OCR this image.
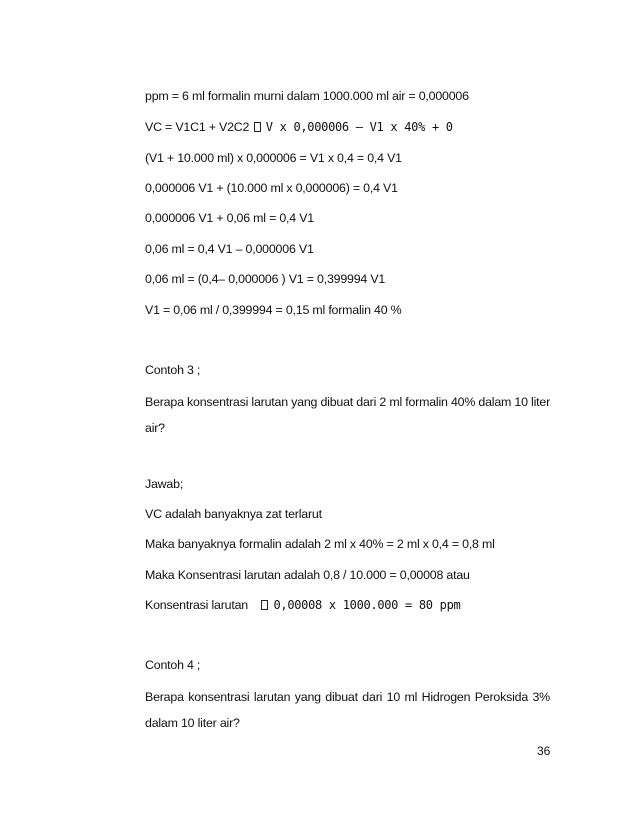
ppm = 6 ml formalin murni dalam 1000.000 ml air = 0,000006
VC = V1C1 + V2C2 V x 0,000006 – V1 x 40% + 0
(V1 + 10.000 ml) x 0,000006 = V1 x 0,4 = 0,4 V1
0,000006 V1 + (10.000 ml x 0,000006) = 0,4 V1
0,000006 V1 + 0,06 ml = 0,4 V1
0,06 ml = 0,4 V1 – 0,000006 V1
0,06 ml = (0,4– 0,000006 ) V1 = 0,399994 V1
V1 = 0,06 ml / 0,399994 = 0,15 ml formalin 40 %
Contoh 3 ;
Berapa konsentrasi larutan yang dibuat dari 2 ml formalin 40% dalam 10 liter air?
Jawab;
VC adalah banyaknya zat terlarut
Maka banyaknya formalin adalah 2 ml x 40% = 2 ml x 0,4 = 0,8 ml
Maka Konsentrasi larutan adalah 0,8 / 10.000 = 0,00008 atau
Konsentrasi larutan 0,00008 x 1000.000 = 80 ppm
Contoh 4 ;
Berapa konsentrasi larutan yang dibuat dari 10 ml Hidrogen Peroksida 3% dalam 10 liter air?
36
